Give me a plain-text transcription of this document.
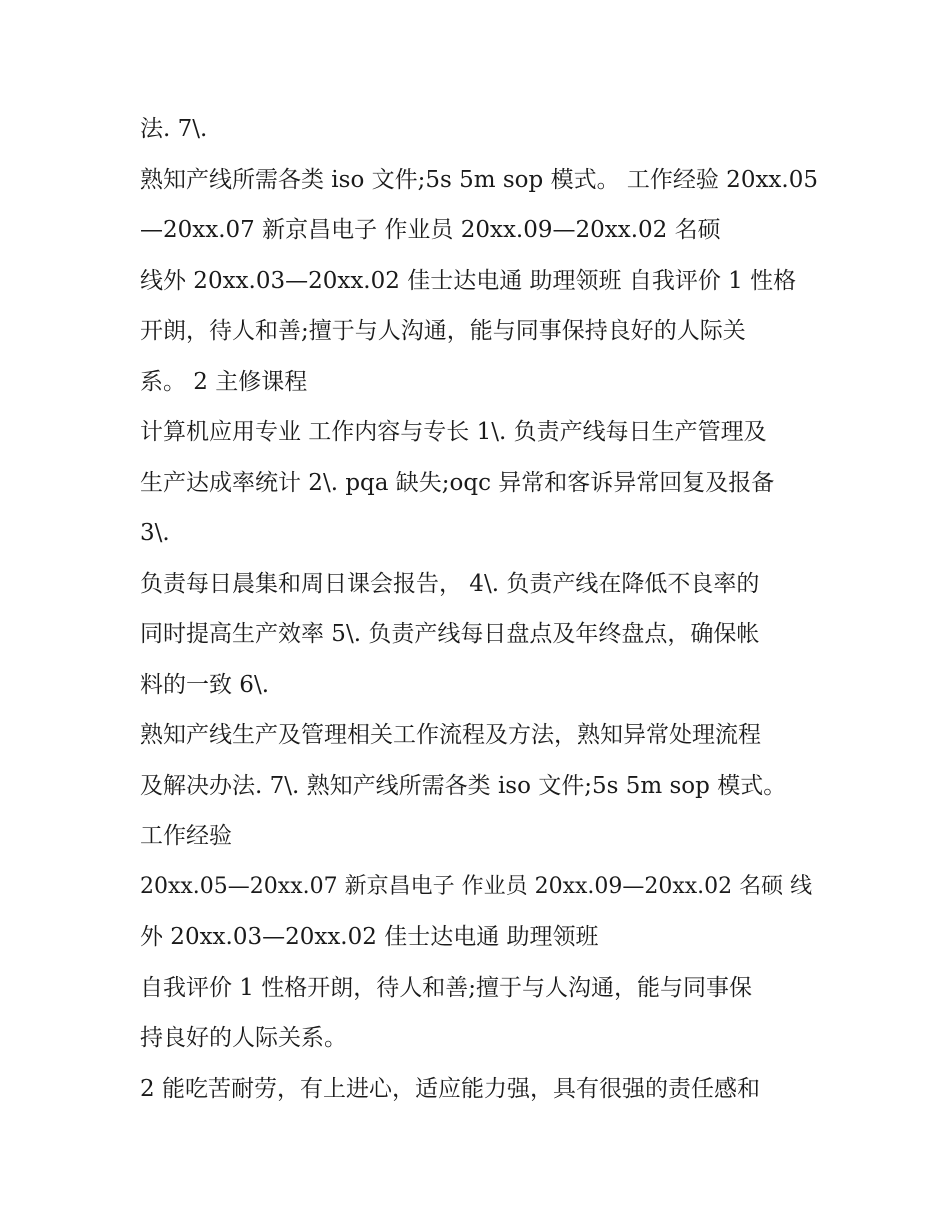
法. 7\.

熟知产线所需各类 iso 文件;5s 5m sop 模式。 工作经验 20xx.05

—20xx.07 新京昌电子 作业员 20xx.09—20xx.02 名硕

线外 20xx.03—20xx.02 佳士达电通 助理领班 自我评价 1 性格

开朗，待人和善;擅于与人沟通，能与同事保持良好的人际关

系。 2 主修课程

计算机应用专业 工作内容与专长 1\. 负责产线每日生产管理及

生产达成率统计 2\. pqa 缺失;oqc 异常和客诉异常回复及报备

3\.

负责每日晨集和周日课会报告， 4\. 负责产线在降低不良率的

同时提高生产效率 5\. 负责产线每日盘点及年终盘点，确保帐

料的一致 6\.

熟知产线生产及管理相关工作流程及方法，熟知异常处理流程

及解决办法. 7\. 熟知产线所需各类 iso 文件;5s 5m sop 模式。

工作经验

20xx.05—20xx.07 新京昌电子 作业员 20xx.09—20xx.02 名硕 线

外 20xx.03—20xx.02 佳士达电通 助理领班

自我评价 1 性格开朗，待人和善;擅于与人沟通，能与同事保

持良好的人际关系。

2 能吃苦耐劳，有上进心，适应能力强，具有很强的责任感和
